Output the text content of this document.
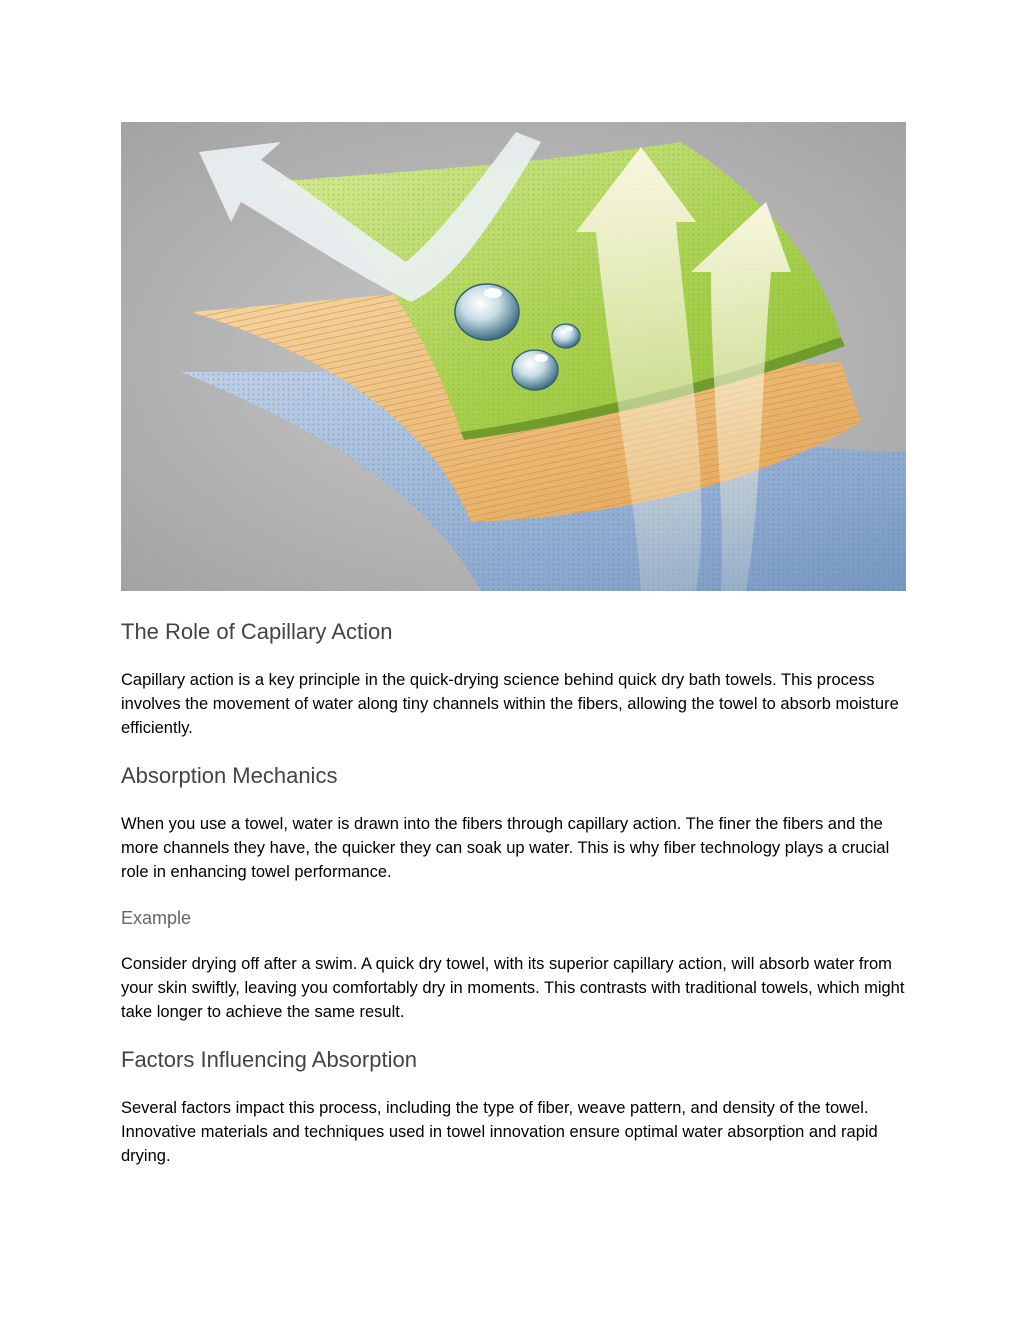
The Role of Capillary Action

Capillary action is a key principle in the quick-drying science behind quick dry bath towels. This process involves the movement of water along tiny channels within the fibers, allowing the towel to absorb moisture efficiently.

Absorption Mechanics

When you use a towel, water is drawn into the fibers through capillary action. The finer the fibers and the more channels they have, the quicker they can soak up water. This is why fiber technology plays a crucial role in enhancing towel performance.

Example

Consider drying off after a swim. A quick dry towel, with its superior capillary action, will absorb water from your skin swiftly, leaving you comfortably dry in moments. This contrasts with traditional towels, which might take longer to achieve the same result.

Factors Influencing Absorption

Several factors impact this process, including the type of fiber, weave pattern, and density of the towel. Innovative materials and techniques used in towel innovation ensure optimal water absorption and rapid drying.
